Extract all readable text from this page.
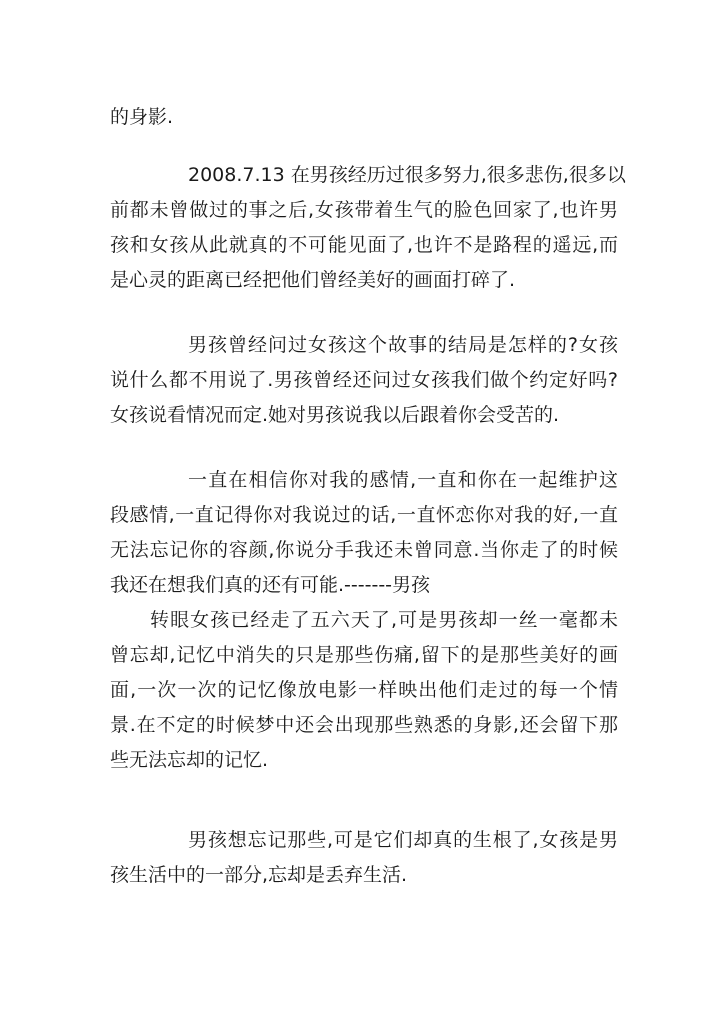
的身影.
2008.7.13 在男孩经历过很多努力,很多悲伤,很多以
前都未曾做过的事之后,女孩带着生气的脸色回家了,也许男
孩和女孩从此就真的不可能见面了,也许不是路程的遥远,而
是心灵的距离已经把他们曾经美好的画面打碎了.
男孩曾经问过女孩这个故事的结局是怎样的?女孩
说什么都不用说了.男孩曾经还问过女孩我们做个约定好吗?
女孩说看情况而定.她对男孩说我以后跟着你会受苦的.
一直在相信你对我的感情,一直和你在一起维护这
段感情,一直记得你对我说过的话,一直怀恋你对我的好,一直
无法忘记你的容颜,你说分手我还未曾同意.当你走了的时候
我还在想我们真的还有可能.-------男孩
转眼女孩已经走了五六天了,可是男孩却一丝一毫都未
曾忘却,记忆中消失的只是那些伤痛,留下的是那些美好的画
面,一次一次的记忆像放电影一样映出他们走过的每一个情
景.在不定的时候梦中还会出现那些熟悉的身影,还会留下那
些无法忘却的记忆.
男孩想忘记那些,可是它们却真的生根了,女孩是男
孩生活中的一部分,忘却是丢弃生活.
